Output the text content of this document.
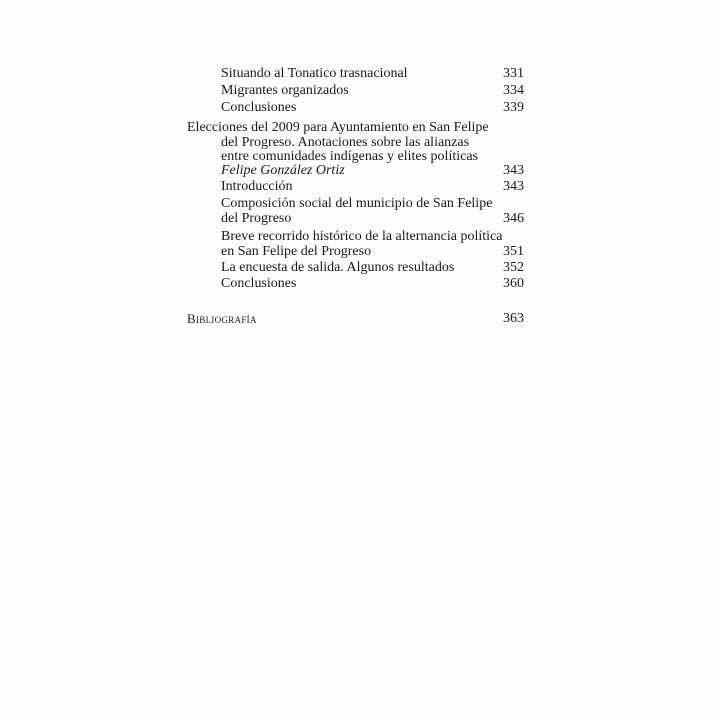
Situando al Tonatico trasnacional	331
Migrantes organizados	334
Conclusiones	339
Elecciones del 2009 para Ayuntamiento en San Felipe
del Progreso. Anotaciones sobre las alianzas
entre comunidades indígenas y elites políticas
Felipe González Ortiz	343
Introducción	343
Composición social del municipio de San Felipe
del Progreso	346
Breve recorrido histórico de la alternancia política
en San Felipe del Progreso	351
La encuesta de salida. Algunos resultados	352
Conclusiones	360
Bibliografía	363
